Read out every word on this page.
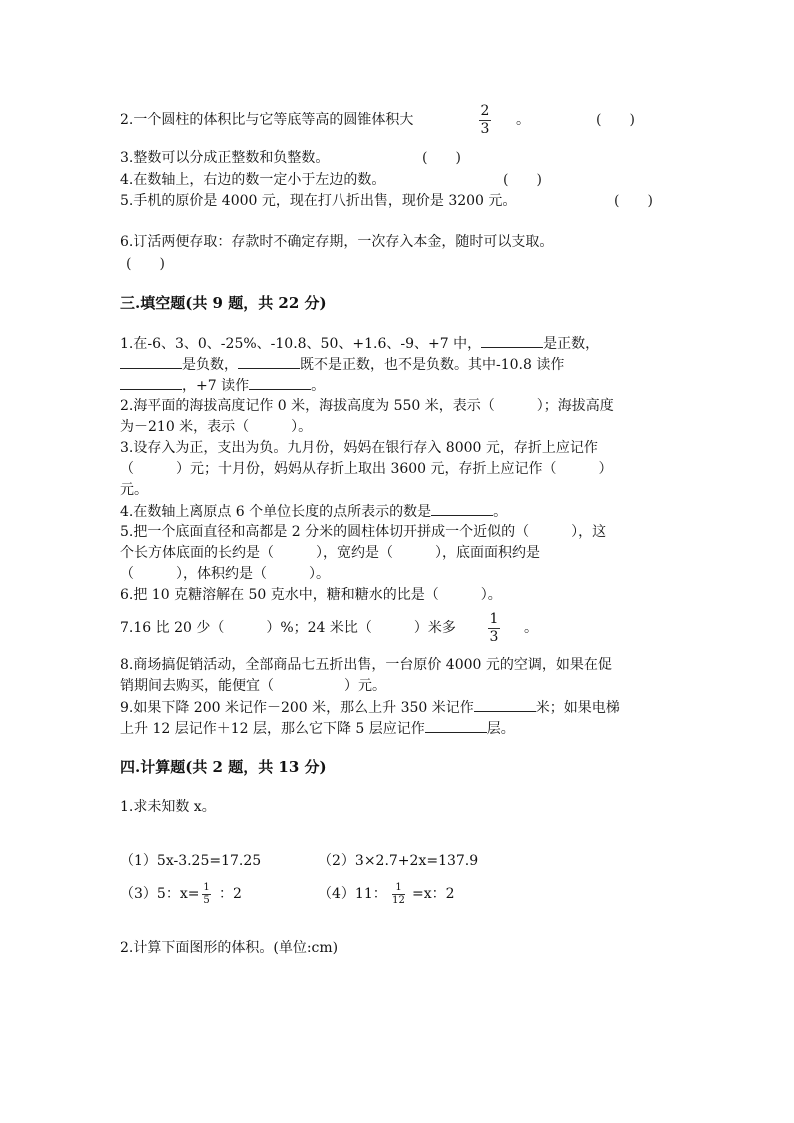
2.一个圆柱的体积比与它等底等高的圆锥体积大
2
3
。	(　　)
3.整数可以分成正整数和负整数。	(　　)
4.在数轴上，右边的数一定小于左边的数。	(　　)
5.手机的原价是 4000 元，现在打八折出售，现价是 3200 元。	(　　)
6.订活两便存取：存款时不确定存期，一次存入本金，随时可以支取。
(　　)
三.填空题(共 9 题，共 22 分)
1.在-6、3、0、-25%、-10.8、50、+1.6、-9、+7 中，	是正数，
是负数，	既不是正数，也不是负数。其中-10.8 读作
，+7 读作	。
2.海平面的海拔高度记作 0 米，海拔高度为 550 米，表示（　　　）；海拔高度
为－210 米，表示（　　　）。
3.设存入为正，支出为负。九月份，妈妈在银行存入 8000 元，存折上应记作
（　　　）元；十月份，妈妈从存折上取出 3600 元，存折上应记作（　　　）
元。
4.在数轴上离原点 6 个单位长度的点所表示的数是	。
5.把一个底面直径和高都是 2 分米的圆柱体切开拼成一个近似的（　　　），这
个长方体底面的长约是（　　　），宽约是（　　　），底面面积约是
（　　　），体积约是（　　　）。
6.把 10 克糖溶解在 50 克水中，糖和糖水的比是（　　　）。
7.16 比 20 少（　　　）%；24 米比（　　　）米多
1
3
。
8.商场搞促销活动，全部商品七五折出售，一台原价 4000 元的空调，如果在促
销期间去购买，能便宜（　　　　　）元。
9.如果下降 200 米记作－200 米，那么上升 350 米记作	米；如果电梯
上升 12 层记作＋12 层，那么它下降 5 层应记作	层。
四.计算题(共 2 题，共 13 分)
1.求未知数 x。
（1）5x-3.25=17.25	（2）3×2.7+2x=137.9
（3）5：x= 1
5 ：2	（4）11： 1
12 =x：2
2.计算下面图形的体积。(单位:cm)
